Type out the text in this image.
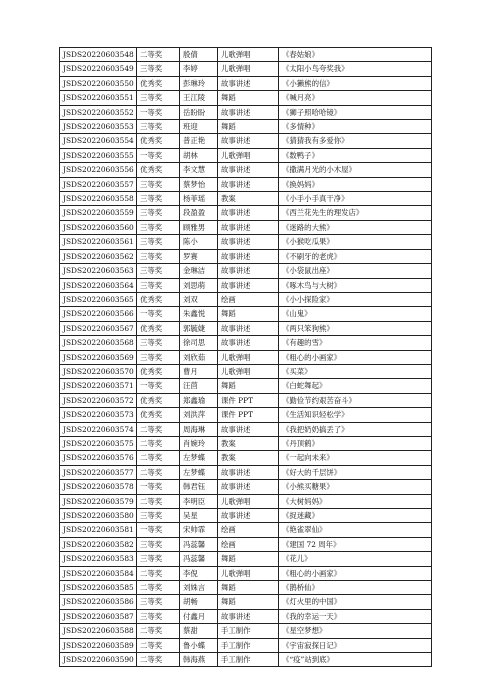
JSDS20220603548	二等奖	殷倩	儿歌弹唱	《春姑娘》
JSDS20220603549	三等奖	李婷	儿歌弹唱	《太阳小鸟夸奖我》
JSDS20220603550	优秀奖	彭琳玲	故事讲述	《小獭熊的信》
JSDS20220603551	三等奖	王江陵	舞蹈	《喊月亮》
JSDS20220603552	一等奖	岳盼盼	故事讲述	《狮子照哈哈镜》
JSDS20220603553	三等奖	班迎	舞蹈	《多情种》
JSDS20220603554	优秀奖	普正艳	故事讲述	《猜猜我有多爱你》
JSDS20220603555	一等奖	胡林	儿歌弹唱	《数鸭子》
JSDS20220603556	优秀奖	李文慧	故事讲述	《撒满月光的小木屋》
JSDS20220603557	三等奖	蔡梦怡	故事讲述	《换妈妈》
JSDS20220603558	三等奖	杨菲瑶	教案	《小手小手真干净》
JSDS20220603559	三等奖	段盈盈	故事讲述	《西兰花先生的理发店》
JSDS20220603560	三等奖	顾雅男	故事讲述	《迷路的大熊》
JSDS20220603561	三等奖	陈小	故事讲述	《小猴吃瓜果》
JSDS20220603562	三等奖	罗赛	故事讲述	《不刷牙的老虎》
JSDS20220603563	三等奖	金琳洁	故事讲述	《小袋鼠出座》
JSDS20220603564	三等奖	刘思萌	故事讲述	《啄木鸟与大树》
JSDS20220603565	优秀奖	刘双	绘画	《小小探险家》
JSDS20220603566	一等奖	朱鑫悦	舞蹈	《山鬼》
JSDS20220603567	优秀奖	郭毓婕	故事讲述	《两只笨狗熊》
JSDS20220603568	三等奖	徐司思	故事讲述	《有趣的雪》
JSDS20220603569	三等奖	刘欣茹	儿歌弹唱	《粗心的小画家》
JSDS20220603570	优秀奖	曹月	儿歌弹唱	《买菜》
JSDS20220603571	一等奖	汪茴	舞蹈	《白蛇舞起》
JSDS20220603572	优秀奖	郑鑫瑜	课件 PPT	《勤俭节约艰苦奋斗》
JSDS20220603573	优秀奖	刘洪萍	课件 PPT	《生活知识轻松学》
JSDS20220603574	二等奖	周海琳	故事讲述	《我把奶奶搞丢了》
JSDS20220603575	二等奖	肖婉玲	教案	《丹顶鹤》
JSDS20220603576	二等奖	左梦蝶	教案	《一起向未来》
JSDS20220603577	二等奖	左梦蝶	故事讲述	《好大的千层饼》
JSDS20220603578	一等奖	韩君钰	故事讲述	《小熊买糖果》
JSDS20220603579	二等奖	李明臣	儿歌弹唱	《大树妈妈》
JSDS20220603580	三等奖	吴星	故事讲述	《捉迷藏》
JSDS20220603581	一等奖	宋帅霏	绘画	《艳雀翠仙》
JSDS20220603582	三等奖	冯蕊馨	绘画	《建国 72 周年》
JSDS20220603583	三等奖	冯蕊馨	舞蹈	《花儿》
JSDS20220603584	二等奖	李倪	儿歌弹唱	《粗心的小画家》
JSDS20220603585	二等奖	刘姝言	舞蹈	《鹊桥仙》
JSDS20220603586	三等奖	胡畅	舞蹈	《灯火里的中国》
JSDS20220603587	三等奖	付鑫月	故事讲述	《我的幸运一天》
JSDS20220603588	二等奖	蔡甜	手工制作	《星空梦想》
JSDS20220603589	二等奖	鲁小蝶	手工制作	《宇宙寂探日记》
JSDS20220603590	二等奖	韩海燕	手工制作	《“疫”站到底》
